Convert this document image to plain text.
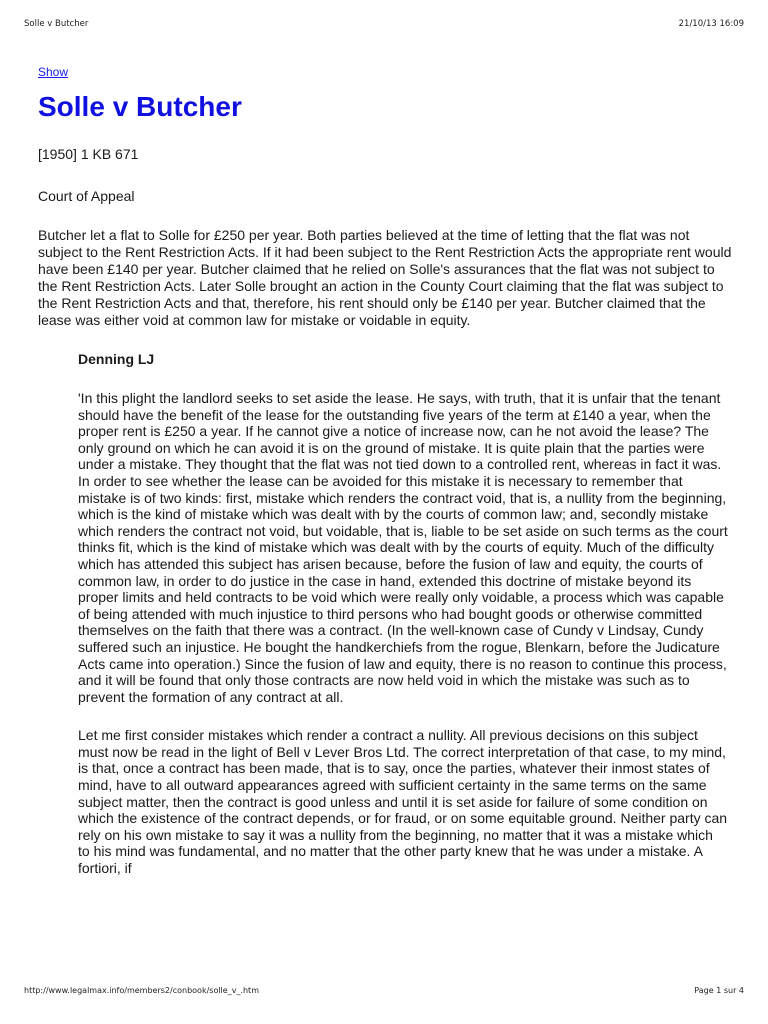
Solle v Butcher	21/10/13 16:09
Show
Solle v Butcher

[1950] 1 KB 671

Court of Appeal

Butcher let a flat to Solle for £250 per year. Both parties believed at the time of letting that the flat was not subject to the Rent Restriction Acts. If it had been subject to the Rent Restriction Acts the appropriate rent would have been £140 per year. Butcher claimed that he relied on Solle's assurances that the flat was not subject to the Rent Restriction Acts. Later Solle brought an action in the County Court claiming that the flat was subject to the Rent Restriction Acts and that, therefore, his rent should only be £140 per year. Butcher claimed that the lease was either void at common law for mistake or voidable in equity.

Denning LJ

'In this plight the landlord seeks to set aside the lease. He says, with truth, that it is unfair that the tenant should have the benefit of the lease for the outstanding five years of the term at £140 a year, when the proper rent is £250 a year. If he cannot give a notice of increase now, can he not avoid the lease? The only ground on which he can avoid it is on the ground of mistake. It is quite plain that the parties were under a mistake. They thought that the flat was not tied down to a controlled rent, whereas in fact it was. In order to see whether the lease can be avoided for this mistake it is necessary to remember that mistake is of two kinds: first, mistake which renders the contract void, that is, a nullity from the beginning, which is the kind of mistake which was dealt with by the courts of common law; and, secondly mistake which renders the contract not void, but voidable, that is, liable to be set aside on such terms as the court thinks fit, which is the kind of mistake which was dealt with by the courts of equity. Much of the difficulty which has attended this subject has arisen because, before the fusion of law and equity, the courts of common law, in order to do justice in the case in hand, extended this doctrine of mistake beyond its proper limits and held contracts to be void which were really only voidable, a process which was capable of being attended with much injustice to third persons who had bought goods or otherwise committed themselves on the faith that there was a contract. (In the well-known case of Cundy v Lindsay, Cundy suffered such an injustice. He bought the handkerchiefs from the rogue, Blenkarn, before the Judicature Acts came into operation.) Since the fusion of law and equity, there is no reason to continue this process, and it will be found that only those contracts are now held void in which the mistake was such as to prevent the formation of any contract at all.

Let me first consider mistakes which render a contract a nullity. All previous decisions on this subject must now be read in the light of Bell v Lever Bros Ltd. The correct interpretation of that case, to my mind, is that, once a contract has been made, that is to say, once the parties, whatever their inmost states of mind, have to all outward appearances agreed with sufficient certainty in the same terms on the same subject matter, then the contract is good unless and until it is set aside for failure of some condition on which the existence of the contract depends, or for fraud, or on some equitable ground. Neither party can rely on his own mistake to say it was a nullity from the beginning, no matter that it was a mistake which to his mind was fundamental, and no matter that the other party knew that he was under a mistake. A fortiori, if

http://www.legalmax.info/members2/conbook/solle_v_.htm	Page 1 sur 4
